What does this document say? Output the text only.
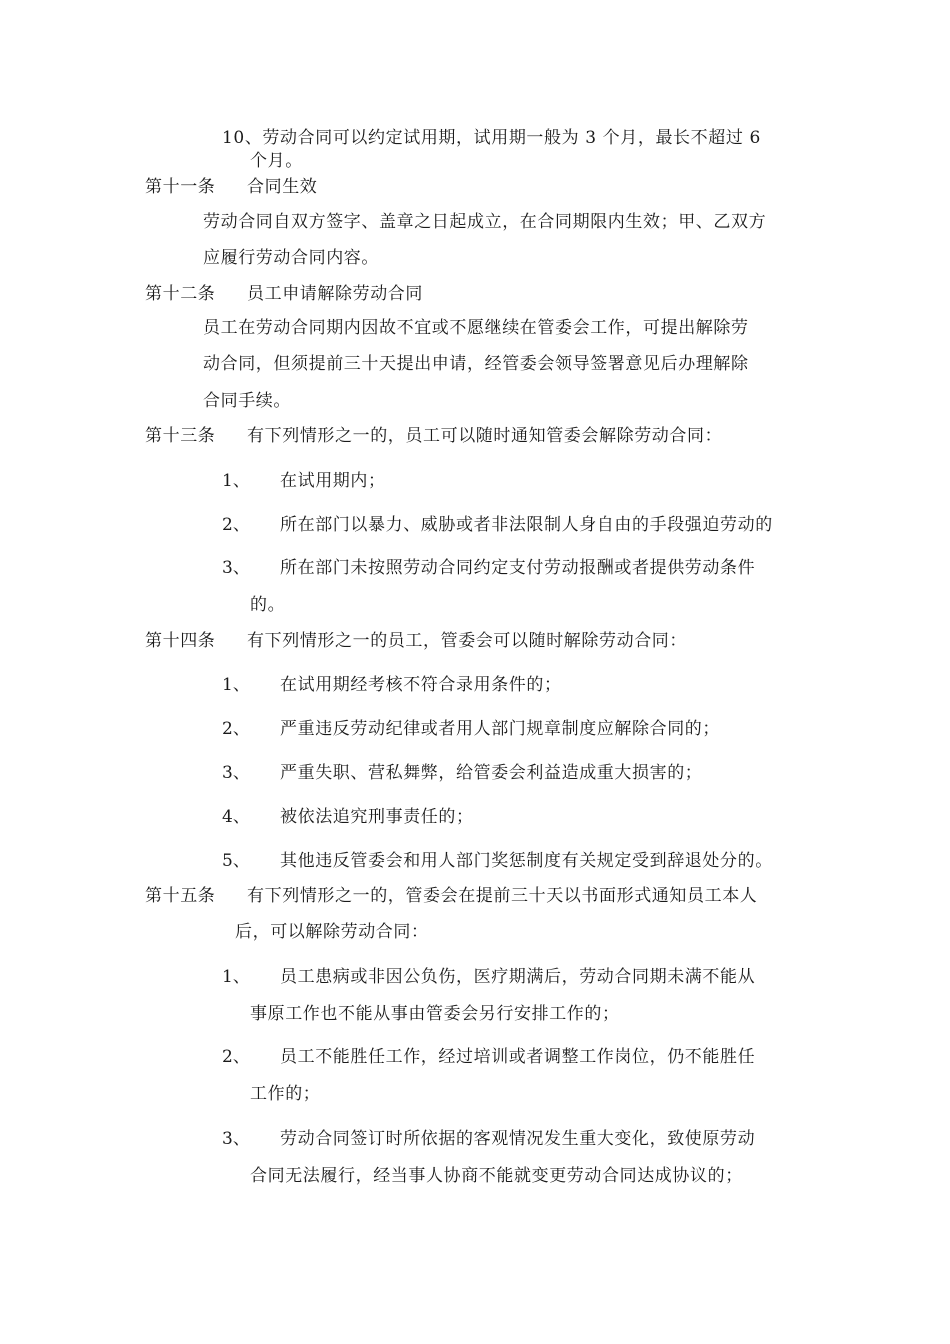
10、劳动合同可以约定试用期，试用期一般为 3 个月，最长不超过 6
个月。
第十一条 合同生效
劳动合同自双方签字、盖章之日起成立，在合同期限内生效；甲、乙双方
应履行劳动合同内容。
第十二条 员工申请解除劳动合同
员工在劳动合同期内因故不宜或不愿继续在管委会工作，可提出解除劳
动合同，但须提前三十天提出申请，经管委会领导签署意见后办理解除
合同手续。
第十三条 有下列情形之一的，员工可以随时通知管委会解除劳动合同：
1、 在试用期内；
2、 所在部门以暴力、威胁或者非法限制人身自由的手段强迫劳动的
3、 所在部门未按照劳动合同约定支付劳动报酬或者提供劳动条件
的。
第十四条 有下列情形之一的员工，管委会可以随时解除劳动合同：
1、 在试用期经考核不符合录用条件的；
2、 严重违反劳动纪律或者用人部门规章制度应解除合同的；
3、 严重失职、营私舞弊，给管委会利益造成重大损害的；
4、 被依法追究刑事责任的；
5、 其他违反管委会和用人部门奖惩制度有关规定受到辞退处分的。
第十五条 有下列情形之一的，管委会在提前三十天以书面形式通知员工本人
后，可以解除劳动合同：
1、 员工患病或非因公负伤，医疗期满后，劳动合同期未满不能从
事原工作也不能从事由管委会另行安排工作的；
2、 员工不能胜任工作，经过培训或者调整工作岗位，仍不能胜任
工作的；
3、 劳动合同签订时所依据的客观情况发生重大变化，致使原劳动
合同无法履行，经当事人协商不能就变更劳动合同达成协议的；
